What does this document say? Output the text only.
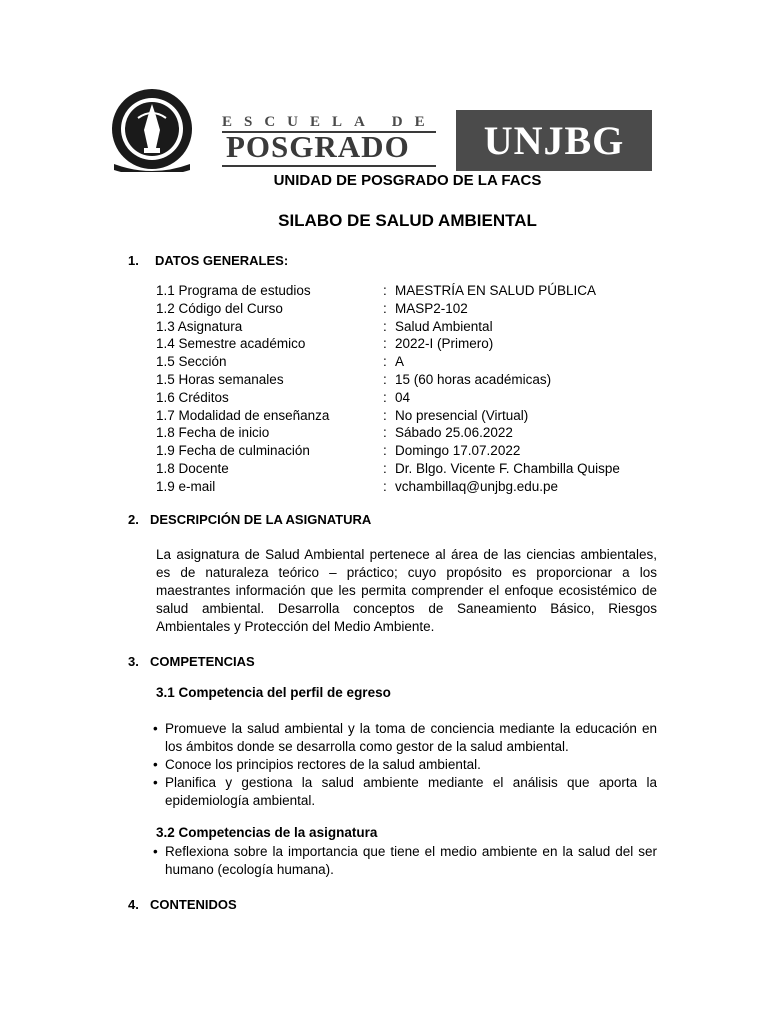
ESCUELA DE
POSGRADO	UNJBG
UNIDAD DE POSGRADO DE LA FACS
SILABO DE SALUD AMBIENTAL
1. DATOS GENERALES:
1.1 Programa de estudios	: MAESTRÍA EN SALUD PÚBLICA
1.2 Código del Curso	: MASP2-102
1.3 Asignatura	: Salud Ambiental
1.4 Semestre académico	: 2022-I (Primero)
1.5 Sección	: A
1.5 Horas semanales	: 15 (60 horas académicas)
1.6 Créditos	: 04
1.7 Modalidad de enseñanza	: No presencial (Virtual)
1.8 Fecha de inicio	: Sábado 25.06.2022
1.9 Fecha de culminación	: Domingo 17.07.2022
1.8 Docente	: Dr. Blgo. Vicente F. Chambilla Quispe
1.9 e-mail	: vchambillaq@unjbg.edu.pe
2. DESCRIPCIÓN DE LA ASIGNATURA
La asignatura de Salud Ambiental pertenece al área de las ciencias ambientales, es de naturaleza teórico – práctico; cuyo propósito es proporcionar a los maestrantes información que les permita comprender el enfoque ecosistémico de salud ambiental. Desarrolla conceptos de Saneamiento Básico, Riesgos Ambientales y Protección del Medio Ambiente.
3. COMPETENCIAS
3.1 Competencia del perfil de egreso
• Promueve la salud ambiental y la toma de conciencia mediante la educación en los ámbitos donde se desarrolla como gestor de la salud ambiental.
• Conoce los principios rectores de la salud ambiental.
• Planifica y gestiona la salud ambiente mediante el análisis que aporta la epidemiología ambiental.
3.2 Competencias de la asignatura
• Reflexiona sobre la importancia que tiene el medio ambiente en la salud del ser humano (ecología humana).
4. CONTENIDOS
